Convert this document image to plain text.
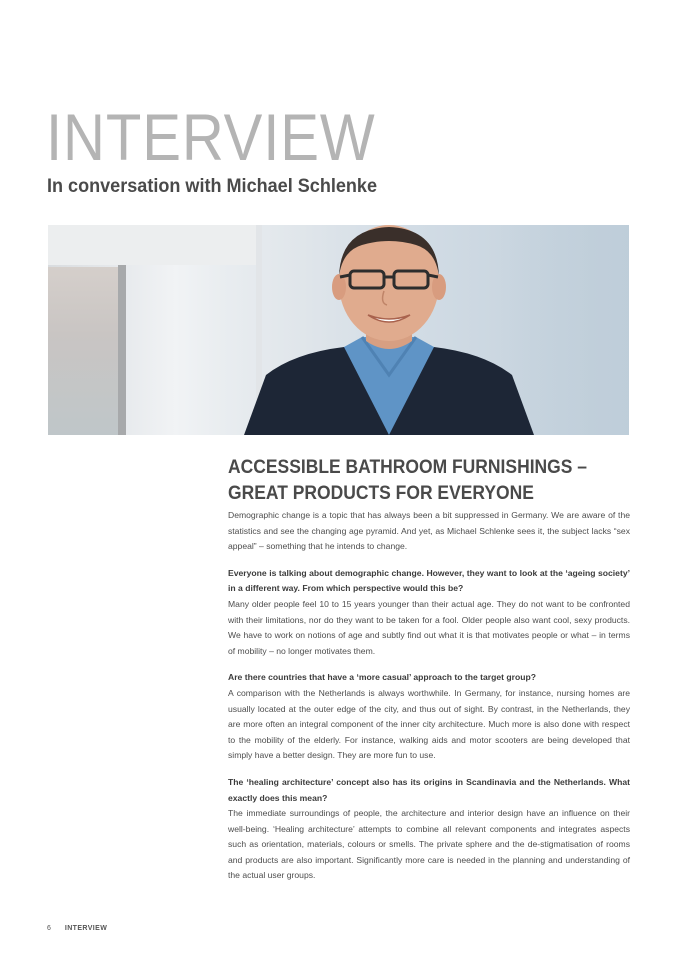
INTERVIEW
In conversation with Michael Schlenke
ACCESSIBLE BATHROOM FURNISHINGS –
GREAT PRODUCTS FOR EVERYONE

Demographic change is a topic that has always been a bit suppressed in Germany. We are aware of the statistics and see the changing age pyramid. And yet, as Michael Schlenke sees it, the subject lacks “sex appeal” – something that he intends to change.

Everyone is talking about demographic change. However, they want to look at the ‘ageing society’ in a different way. From which perspective would this be?
Many older people feel 10 to 15 years younger than their actual age. They do not want to be confronted with their limitations, nor do they want to be taken for a fool. Older people also want cool, sexy products. We have to work on notions of age and subtly find out what it is that motivates people or what – in terms of mobility – no longer motivates them.

Are there countries that have a ‘more casual’ approach to the target group?
A comparison with the Netherlands is always worthwhile. In Germany, for instance, nursing homes are usually located at the outer edge of the city, and thus out of sight. By contrast, in the Netherlands, they are more often an integral component of the inner city architecture. Much more is also done with respect to the mobility of the elderly. For instance, walking aids and motor scooters are being developed that simply have a better design. They are more fun to use.

The ‘healing architecture’ concept also has its origins in Scandinavia and the Netherlands. What exactly does this mean?
The immediate surroundings of people, the architecture and interior design have an influence on their well-being. ‘Healing architecture’ attempts to combine all relevant components and integrates aspects such as orientation, materials, colours or smells. The private sphere and the de-stigmatisation of rooms and products are also important. Significantly more care is needed in the planning and understanding of the actual user groups.

6 INTERVIEW
